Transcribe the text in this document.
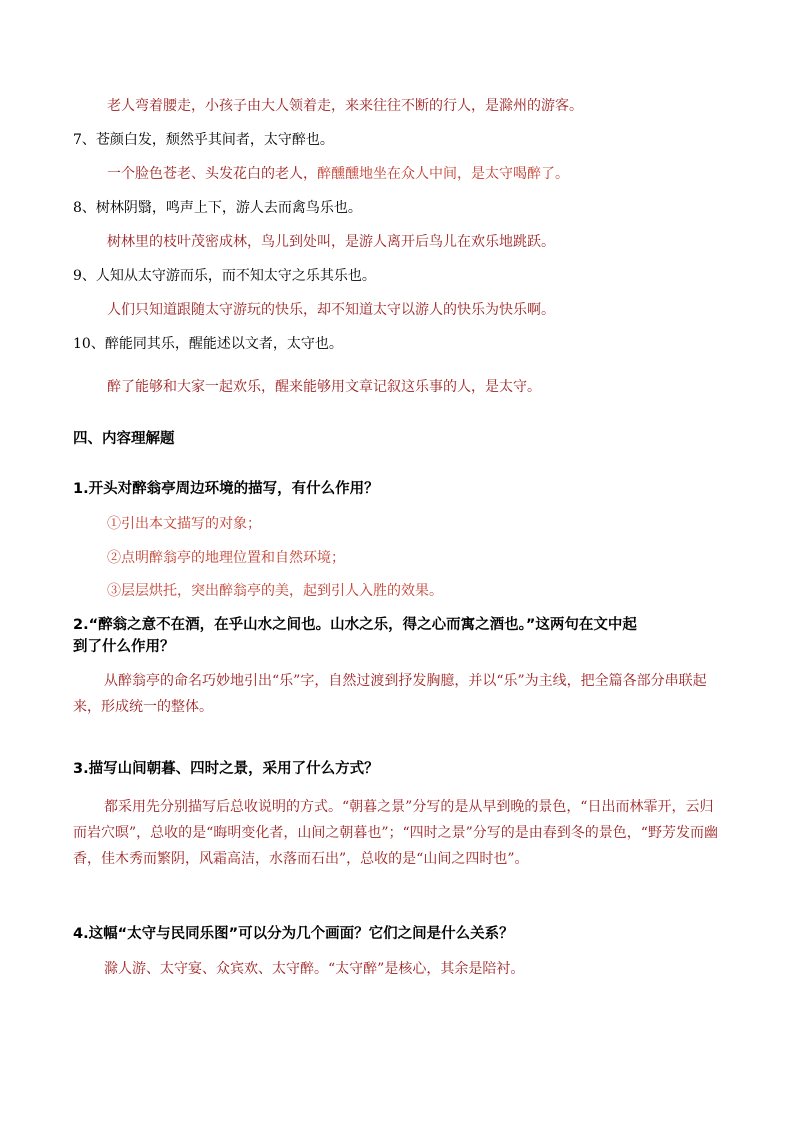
老人弯着腰走，小孩子由大人领着走，来来往往不断的行人，是滁州的游客。
7、苍颜白发，颓然乎其间者，太守醉也。
一个脸色苍老、头发花白的老人，醉醺醺地坐在众人中间，是太守喝醉了。
8、树林阴翳，鸣声上下，游人去而禽鸟乐也。
树林里的枝叶茂密成林，鸟儿到处叫，是游人离开后鸟儿在欢乐地跳跃。
9、人知从太守游而乐，而不知太守之乐其乐也。
人们只知道跟随太守游玩的快乐，却不知道太守以游人的快乐为快乐啊。
10、醉能同其乐，醒能述以文者，太守也。
醉了能够和大家一起欢乐，醒来能够用文章记叙这乐事的人，是太守。
四、内容理解题
1.开头对醉翁亭周边环境的描写，有什么作用？
①引出本文描写的对象；
②点明醉翁亭的地理位置和自然环境；
③层层烘托，突出醉翁亭的美，起到引人入胜的效果。
2.“醉翁之意不在酒，在乎山水之间也。山水之乐，得之心而寓之酒也。”这两句在文中起
到了什么作用？
从醉翁亭的命名巧妙地引出“乐”字，自然过渡到抒发胸臆，并以“乐”为主线，把全篇各部分串联起来，形成统一的整体。
3.描写山间朝暮、四时之景，采用了什么方式？
都采用先分别描写后总收说明的方式。“朝暮之景”分写的是从早到晚的景色，“日出而林霏开，云归而岩穴暝”，总收的是“晦明变化者，山间之朝暮也”；“四时之景”分写的是由春到冬的景色，“野芳发而幽香，佳木秀而繁阴，风霜高洁，水落而石出”，总收的是“山间之四时也”。
4.这幅“太守与民同乐图”可以分为几个画面？它们之间是什么关系？
滁人游、太守宴、众宾欢、太守醉。“太守醉”是核心，其余是陪衬。
